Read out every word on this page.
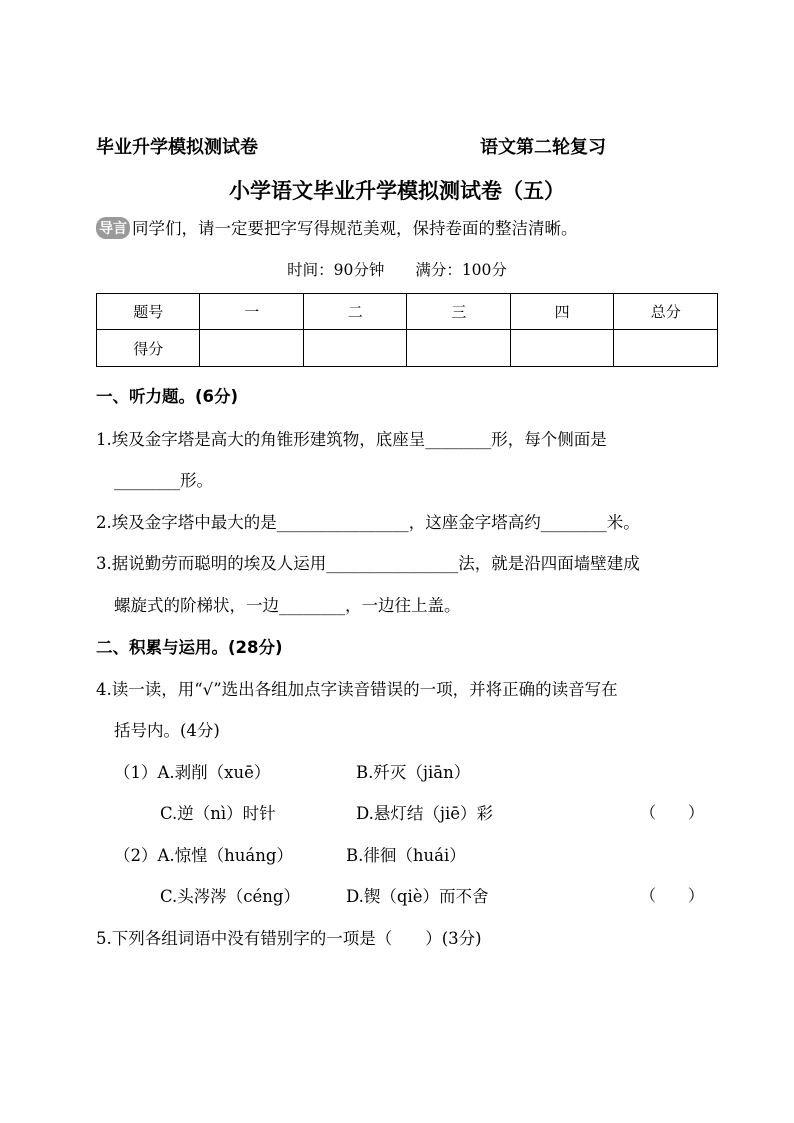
毕业升学模拟测试卷	语文第二轮复习
小学语文毕业升学模拟测试卷（五）
导言 同学们，请一定要把字写得规范美观，保持卷面的整洁清晰。
时间：90分钟　　满分：100分
题号	一	二	三	四	总分
得分					
一、听力题。(6分)
1.埃及金字塔是高大的角锥形建筑物，底座呈________形，每个侧面是
________形。
2.埃及金字塔中最大的是________________，这座金字塔高约________米。
3.据说勤劳而聪明的埃及人运用________________法，就是沿四面墙壁建成
螺旋式的阶梯状，一边________，一边往上盖。
二、积累与运用。(28分)
4.读一读，用“√”选出各组加点字读音错误的一项，并将正确的读音写在
括号内。(4分)
（1）A.剥削（xuē）	B.歼灭（jiān）
C.逆（nì）时针	D.悬灯结（jiē）彩	（　　）
（2）A.惊惶（huáng）	B.徘徊（huái）
C.头涔涔（céng）	D.锲（qiè）而不舍	（　　）
5.下列各组词语中没有错别字的一项是（　　）(3分)
